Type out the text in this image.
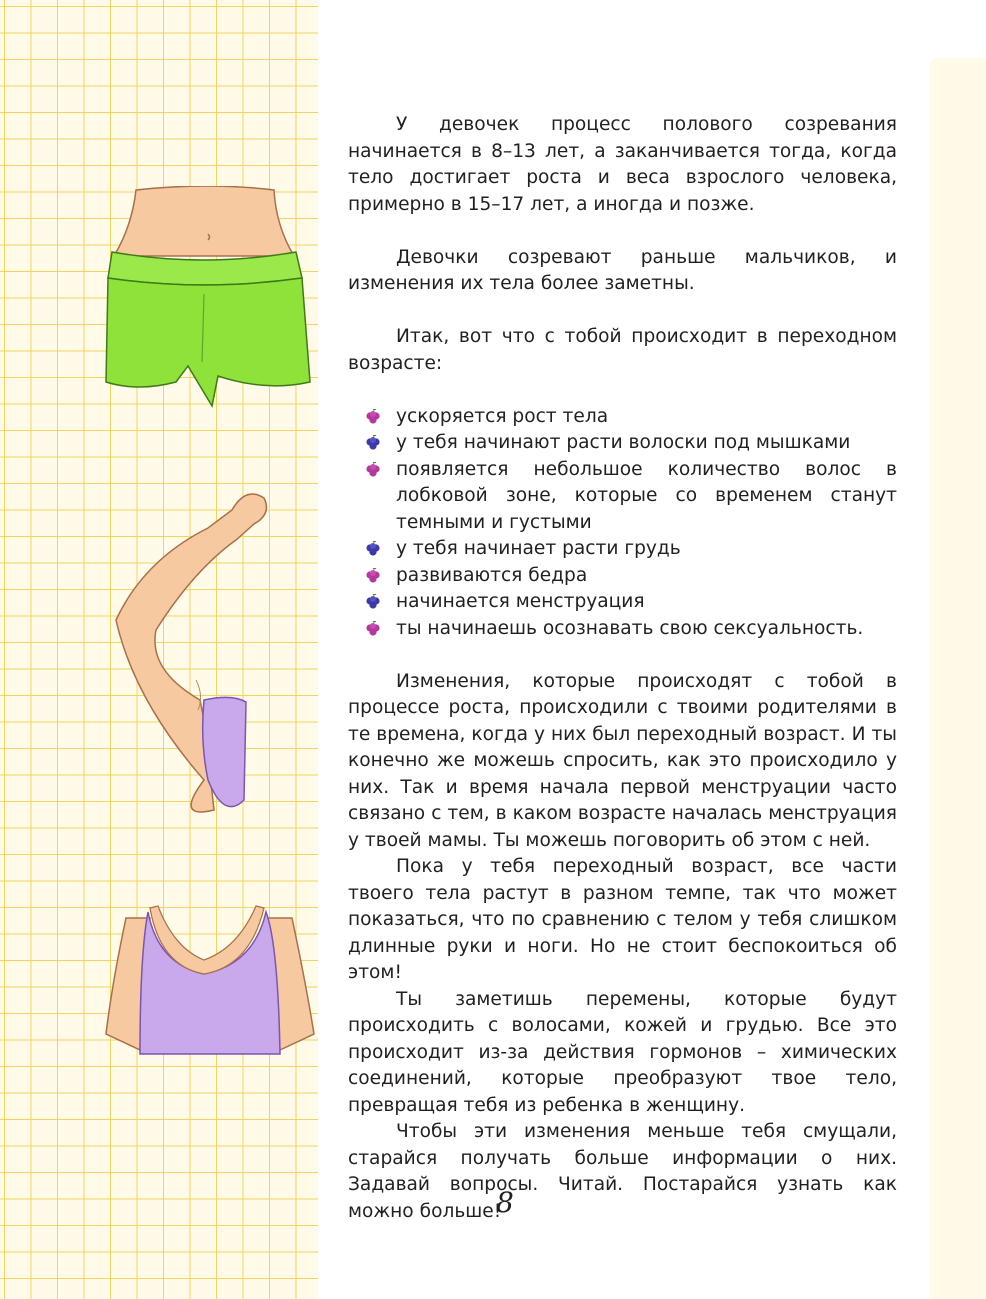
У девочек процесс полового созревания начинается в 8–13 лет, а заканчивается тогда, когда тело достигает роста и веса взрослого человека, примерно в 15–17 лет, а иногда и позже.

Девочки созревают раньше мальчиков, и изменения их тела более заметны.

Итак, вот что с тобой происходит в переходном возрасте:

ускоряется рост тела
у тебя начинают расти волоски под мышками
появляется небольшое количество волос в лобковой зоне, которые со временем станут темными и густыми
у тебя начинает расти грудь
развиваются бедра
начинается менструация
ты начинаешь осознавать свою сексуальность.

Изменения, которые происходят с тобой в процессе роста, происходили с твоими родителями в те времена, когда у них был переходный возраст. И ты конечно же можешь спросить, как это происходило у них. Так и время начала первой менструации часто связано с тем, в каком возрасте началась менструация у твоей мамы. Ты можешь поговорить об этом с ней.

Пока у тебя переходный возраст, все части твоего тела растут в разном темпе, так что может показаться, что по сравнению с телом у тебя слишком длинные руки и ноги. Но не стоит беспокоиться об этом!

Ты заметишь перемены, которые будут происходить с волосами, кожей и грудью. Все это происходит из-за действия гормонов – химических соединений, которые преобразуют твое тело, превращая тебя из ребенка в женщину.

Чтобы эти изменения меньше тебя смущали, старайся получать больше информации о них. Задавай вопросы. Читай. Постарайся узнать как можно больше!

8
